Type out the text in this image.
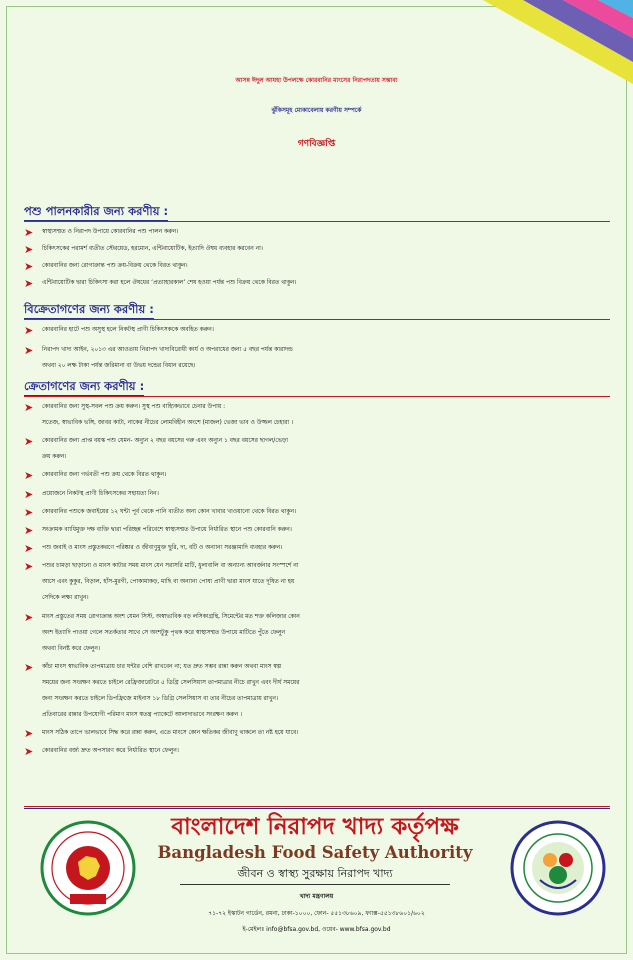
আসন্ন ঈদুল আযহা উপলক্ষে কোরবানির মাংসের নিরাপদতায় সম্ভাব্য
ঝুঁকিসমূহ মোকাবেলায় করণীয় সম্পর্কে
গণবিজ্ঞপ্তি
পশু পালনকারীর জন্য করণীয় :
➤	স্বাস্থ্যসম্মত ও নিরাপদ উপায়ে কোরবানির পশু পালন করুন।
➤	চিকিৎসকের পরামর্শ ব্যতীত স্টেরয়েড, হরমোন, এন্টিবায়োটিক, ইত্যাদি ঔষধ ব্যবহার করবেন না।
➤	কোরবানির জন্য রোগাক্রান্ত পশু ক্রয়-বিক্রয় থেকে বিরত থাকুন।
➤	এন্টিবায়োটিক দ্বারা চিকিৎসা করা হলে ঔষধের ‘প্রত্যাহারকাল’ শেষ হওয়া পর্যন্ত পশু বিক্রয় থেকে বিরত থাকুন।
বিক্রেতাগণের জন্য করণীয় :
➤	কোরবানির হাটে পশু অসুস্থ হলে নিকটস্থ প্রাণী চিকিৎসককে অবহিত করুন।
➤	নিরাপদ খাদ্য আইন, ২০১৩ এর আওতায় নিরাপদ খাদ্যবিরোধী কার্য ও অপরাধের জন্য ৫ বছর পর্যন্ত কারাদন্ড
অথবা ২০ লক্ষ টাকা পর্যন্ত জরিমানা বা উভয় দন্ডের বিধান রয়েছে।
ক্রেতাগণের জন্য করণীয় :
➤	কোরবানির জন্য সুস্থ-সবল পশু ক্রয় করুন। সুস্থ পশু বাহ্যিকভাবে চেনার উপায় :
সতেজ, স্বাভাবিক ভঙ্গি, জাবর কাটা, নাকের নীচের লোমবিহীন অংশে (মাজল) ভেজা ভাব ও উজ্জল চেহারা ।
➤	কোরবানির জন্য প্রাপ্ত বয়স্ক পশু যেমন- অন্যুন ২ বছর বয়সের গরু এবং অন্যুন ১ বছর বয়সের ছাগল/ভেড়া
ক্রয় করুন।
➤	কোরবানির জন্য গর্ভবতী পশু ক্রয় থেকে বিরত থাকুন।
➤	প্রয়োজনে নিকটস্থ প্রাণী চিকিৎসকের সহায়তা নিন।
➤	কোরবানির পশুকে জবাইয়ের ১২ ঘন্টা পূর্ব থেকে পানি ব্যতীত অন্য কোন খাবার খাওয়ানো থেকে বিরত থাকুন।
➤	সংক্রামক ব্যাধিমুক্ত দক্ষ ব্যক্তি দ্বারা পরিচ্ছন্ন পরিবেশে স্বাস্থ্যসম্মত উপায়ে নির্ধারিত স্থানে পশু কোরবানি করুন।
➤	পশু জবাই ও মাংস প্রস্তুতকরণে পরিষ্কার ও জীবাণুমুক্ত ছুরি, দা, বটি ও অন্যান্য সরঞ্জামাদি ব্যবহার করুন।
➤	পশুর চামড়া ছাড়ানো ও মাংস কাটার সময় মাংস যেন সরাসরি মাটি, ধুলাবালি বা অন্যান্য আবর্জনার সংস্পর্শে না
আসে এবং কুকুর, বিড়াল, হাঁস-মুরগী, পোকামাকড়, মাছি বা অন্যান্য পোষ্য প্রাণী দ্বারা মাংস যাতে দূষিত না হয়
সেদিকে লক্ষ্য রাখুন।
➤	মাংস প্রস্তুতের সময় রোগাক্রান্ত অংশ যেমন সিস্ট, অস্বাভাবিক বড় লসিকাগ্রন্থি, সিমেন্টের মত শক্ত কলিজার কোন
অংশ ইত্যাদি পাওয়া গেলে সতর্কতার সাথে সে অংশটুকু পৃথক করে স্বাস্থ্যসম্মত উপায়ে মাটিতে পুঁতে ফেলুন
অথবা বিনষ্ট করে ফেলুন।
➤	কাঁচা মাংস স্বাভাবিক তাপমাত্রায় চার ঘন্টার বেশি রাখবেন না; যত দ্রুত সম্ভব রান্না করুন অথবা মাংস স্বল্প
সময়ের জন্য সংরক্ষণ করতে চাইলে রেফ্রিজারেটরে ৫ ডিগ্রি সেলসিয়াস তাপমাত্রার নীচে রাখুন এবং দীর্ঘ সময়ের
জন্য সংরক্ষণ করতে চাইলে ডিপফ্রিজে মাইনাস ১৮ ডিগ্রি সেলসিয়াস বা তার নীচের তাপমাত্রায় রাখুন।
প্রতিবারের রান্নার উপযোগী পরিমাণ মাংস স্বতন্ত্র প্যাকেটে আলাদাভাবে সংরক্ষণ করুন ।
➤	মাংস সঠিক তাপে ভালভাবে সিদ্ধ করে রান্না করুন, এতে মাংসে কোন ক্ষতিকর জীবাণু থাকলে তা নষ্ট হয়ে যাবে।
➤	কোরবানির বর্জ্য দ্রুত অপসারণ করে নির্ধারিত স্থানে ফেলুন।
বাংলাদেশ নিরাপদ খাদ্য কর্তৃপক্ষ
Bangladesh Food Safety Authority
জীবন ও স্বাস্থ্য সুরক্ষায় নিরাপদ খাদ্য
খাদ্য মন্ত্রণালয়
৭১-৭২ ইস্কাটন গার্ডেন, রমনা, ঢাকা-১০০০, ফোন- ৫৫১৩৮৬০৯, ফ্যাক্স-৫৫১৩৮৬০১/৬০২
ই-মেইলঃ info@bfsa.gov.bd, ওয়েব- www.bfsa.gov.bd
